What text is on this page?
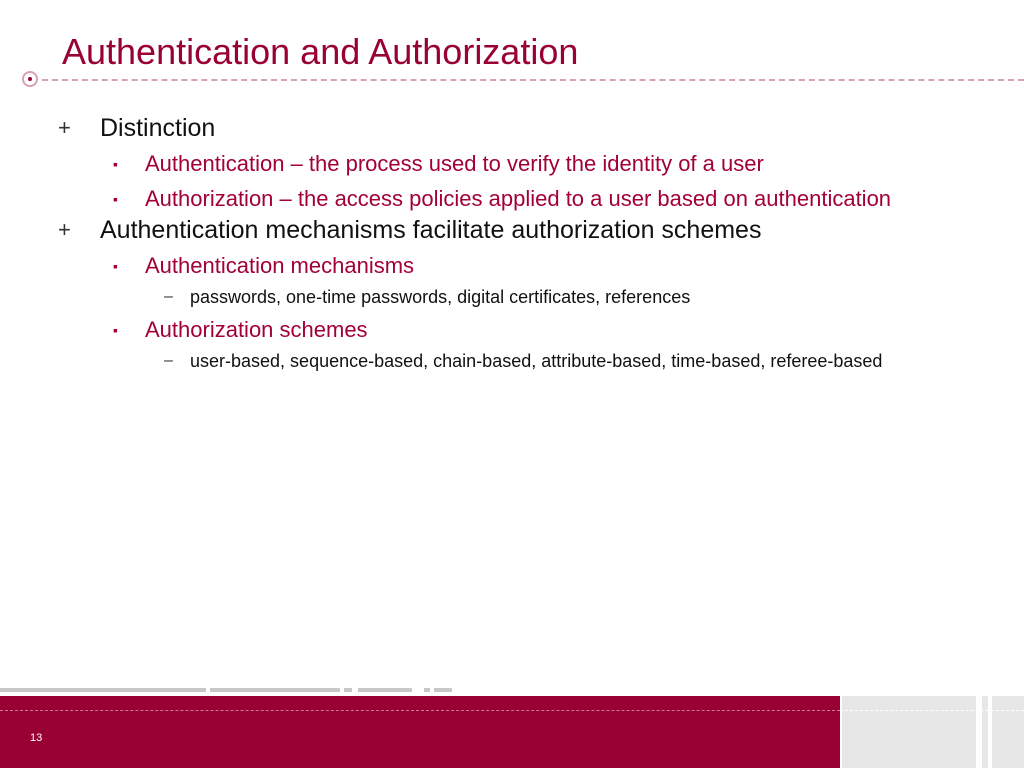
Authentication and Authorization
+ Distinction
▪ Authentication – the process used to verify the identity of a user
▪ Authorization – the access policies applied to a user based on authentication
+ Authentication mechanisms facilitate authorization schemes
▪ Authentication mechanisms
– passwords, one-time passwords, digital certificates, references
▪ Authorization schemes
– user-based, sequence-based, chain-based, attribute-based, time-based, referee-based
13
